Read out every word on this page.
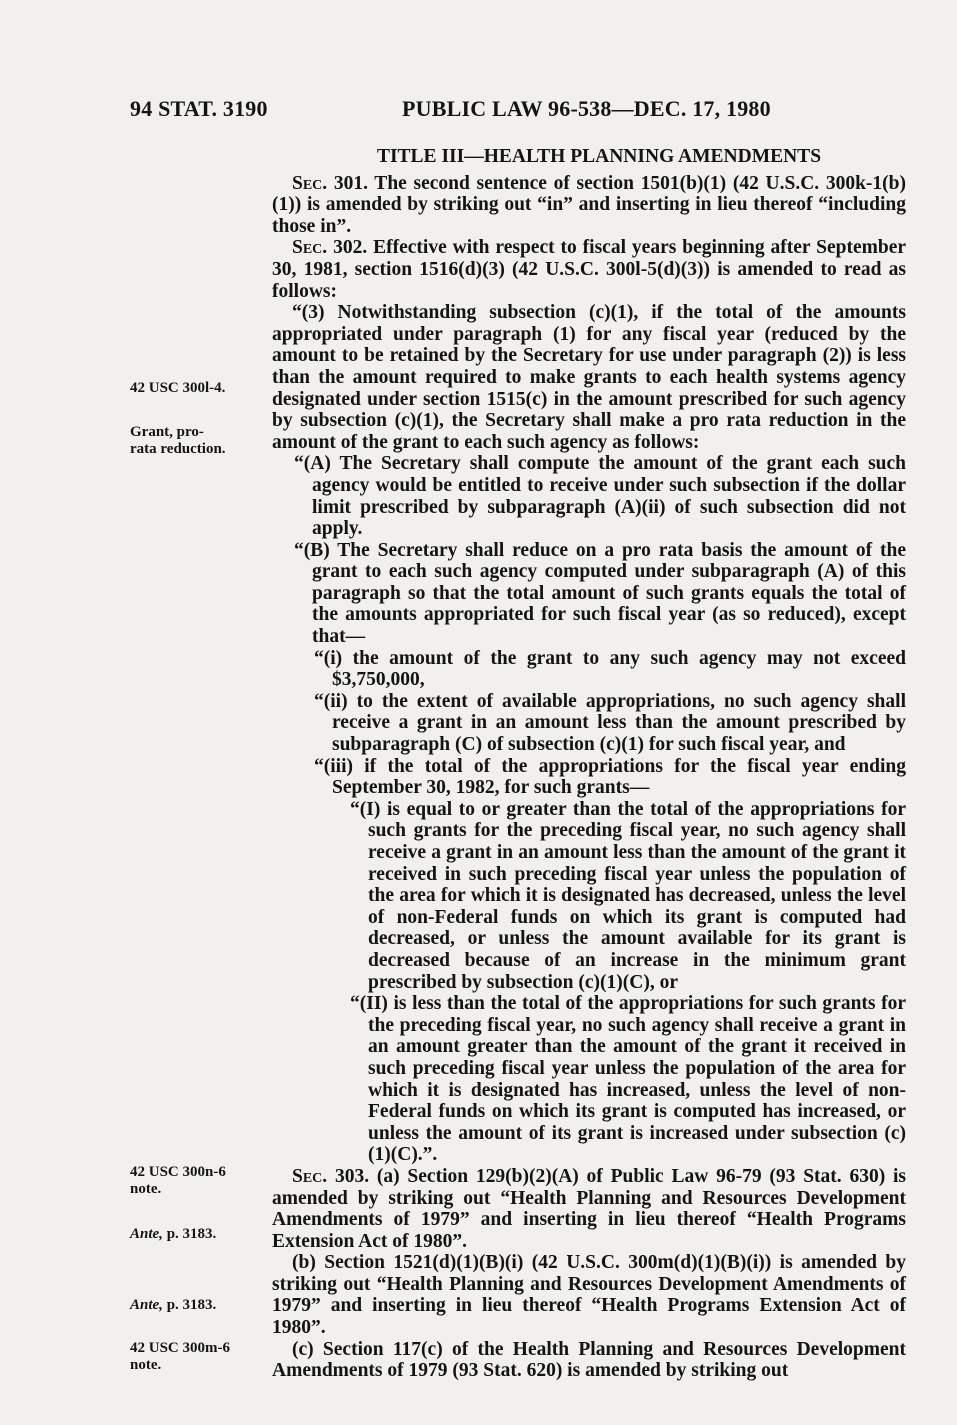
94 STAT. 3190	PUBLIC LAW 96-538—DEC. 17, 1980
42 USC 300l-4.
Grant, pro-
rata reduction.
42 USC 300n-6
note.
Ante, p. 3183.
Ante, p. 3183.
42 USC 300m-6
note.

TITLE III—HEALTH PLANNING AMENDMENTS

Sec. 301. The second sentence of section 1501(b)(1) (42 U.S.C. 300k-1(b)(1)) is amended by striking out “in” and inserting in lieu thereof “including those in”.

Sec. 302. Effective with respect to fiscal years beginning after September 30, 1981, section 1516(d)(3) (42 U.S.C. 300l-5(d)(3)) is amended to read as follows:

“(3) Notwithstanding subsection (c)(1), if the total of the amounts appropriated under paragraph (1) for any fiscal year (reduced by the amount to be retained by the Secretary for use under paragraph (2)) is less than the amount required to make grants to each health systems agency designated under section 1515(c) in the amount prescribed for such agency by subsection (c)(1), the Secretary shall make a pro rata reduction in the amount of the grant to each such agency as follows:

“(A) The Secretary shall compute the amount of the grant each such agency would be entitled to receive under such subsection if the dollar limit prescribed by subparagraph (A)(ii) of such subsection did not apply.

“(B) The Secretary shall reduce on a pro rata basis the amount of the grant to each such agency computed under subparagraph (A) of this paragraph so that the total amount of such grants equals the total of the amounts appropriated for such fiscal year (as so reduced), except that—

“(i) the amount of the grant to any such agency may not exceed $3,750,000,

“(ii) to the extent of available appropriations, no such agency shall receive a grant in an amount less than the amount prescribed by subparagraph (C) of subsection (c)(1) for such fiscal year, and

“(iii) if the total of the appropriations for the fiscal year ending September 30, 1982, for such grants—

“(I) is equal to or greater than the total of the appropriations for such grants for the preceding fiscal year, no such agency shall receive a grant in an amount less than the amount of the grant it received in such preceding fiscal year unless the population of the area for which it is designated has decreased, unless the level of non-Federal funds on which its grant is computed had decreased, or unless the amount available for its grant is decreased because of an increase in the minimum grant prescribed by subsection (c)(1)(C), or

“(II) is less than the total of the appropriations for such grants for the preceding fiscal year, no such agency shall receive a grant in an amount greater than the amount of the grant it received in such preceding fiscal year unless the population of the area for which it is designated has increased, unless the level of non-Federal funds on which its grant is computed has increased, or unless the amount of its grant is increased under subsection (c)(1)(C).”.

Sec. 303. (a) Section 129(b)(2)(A) of Public Law 96-79 (93 Stat. 630) is amended by striking out “Health Planning and Resources Development Amendments of 1979” and inserting in lieu thereof “Health Programs Extension Act of 1980”.

(b) Section 1521(d)(1)(B)(i) (42 U.S.C. 300m(d)(1)(B)(i)) is amended by striking out “Health Planning and Resources Development Amendments of 1979” and inserting in lieu thereof “Health Programs Extension Act of 1980”.

(c) Section 117(c) of the Health Planning and Resources Development Amendments of 1979 (93 Stat. 620) is amended by striking out
